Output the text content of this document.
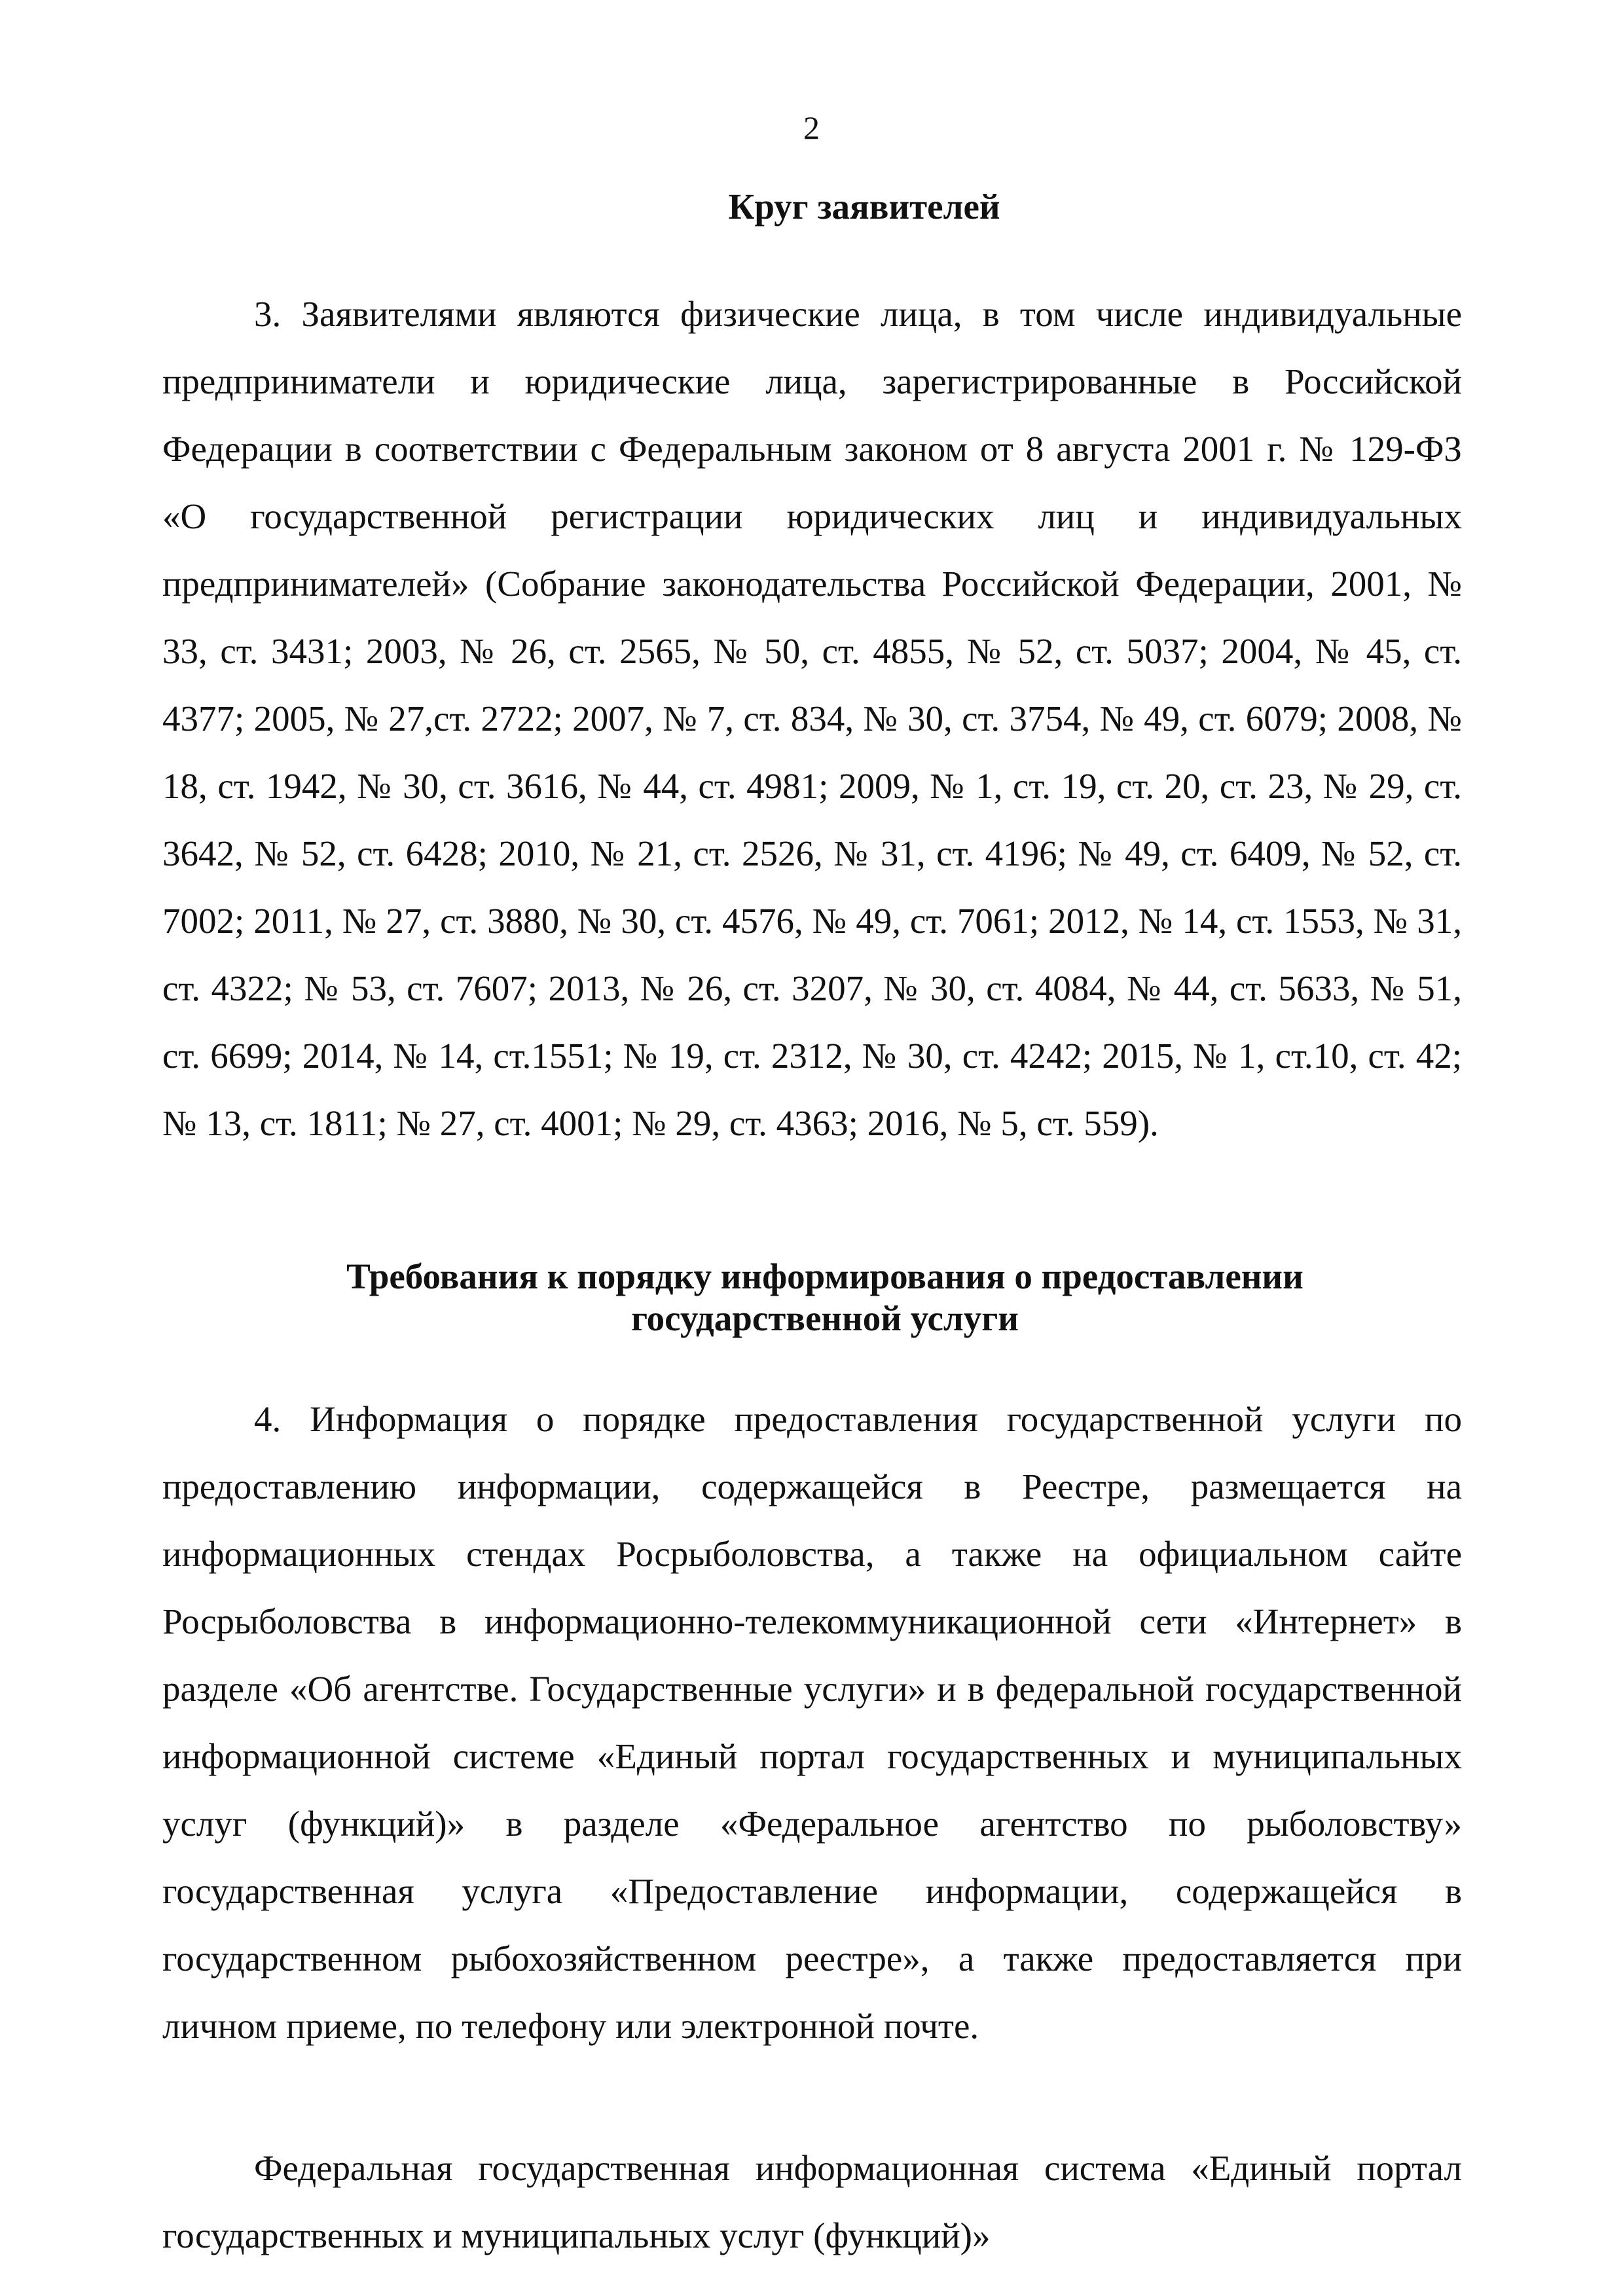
2
Круг заявителей

3. Заявителями являются физические лица, в том числе индивидуальные предприниматели и юридические лица, зарегистрированные в Российской Федерации в соответствии с Федеральным законом от 8 августа 2001 г. № 129-ФЗ «О государственной регистрации юридических лиц и индивидуальных предпринимателей» (Собрание законодательства Российской Федерации, 2001, № 33, ст. 3431; 2003, № 26, ст. 2565, № 50, ст. 4855, № 52, ст. 5037; 2004, № 45, ст. 4377; 2005, № 27,ст. 2722; 2007, № 7, ст. 834, № 30, ст. 3754, № 49, ст. 6079; 2008, № 18, ст. 1942, № 30, ст. 3616, № 44, ст. 4981; 2009, № 1, ст. 19, ст. 20, ст. 23, № 29, ст. 3642, № 52, ст. 6428; 2010, № 21, ст. 2526, № 31, ст. 4196; № 49, ст. 6409, № 52, ст. 7002; 2011, № 27, ст. 3880, № 30, ст. 4576, № 49, ст. 7061; 2012, № 14, ст. 1553, № 31, ст. 4322; № 53, ст. 7607; 2013, № 26, ст. 3207, № 30, ст. 4084, № 44, ст. 5633, № 51, ст. 6699; 2014, № 14, ст.1551; № 19, ст. 2312, № 30, ст. 4242; 2015, № 1, ст.10, ст. 42; № 13, ст. 1811; № 27, ст. 4001; № 29, ст. 4363; 2016, № 5, ст. 559).

Требования к порядку информирования о предоставлении
государственной услуги

4. Информация о порядке предоставления государственной услуги по предоставлению информации, содержащейся в Реестре, размещается на информационных стендах Росрыболовства, а также на официальном сайте Росрыболовства в информационно-телекоммуникационной сети «Интернет» в разделе «Об агентстве. Государственные услуги» и в федеральной государственной информационной системе «Единый портал государственных и муниципальных услуг (функций)» в разделе «Федеральное агентство по рыболовству» государственная услуга «Предоставление информации, содержащейся в государственном рыбохозяйственном реестре», а также предоставляется при личном приеме, по телефону или электронной почте.

Федеральная государственная информационная система «Единый портал государственных и муниципальных услуг (функций)»
